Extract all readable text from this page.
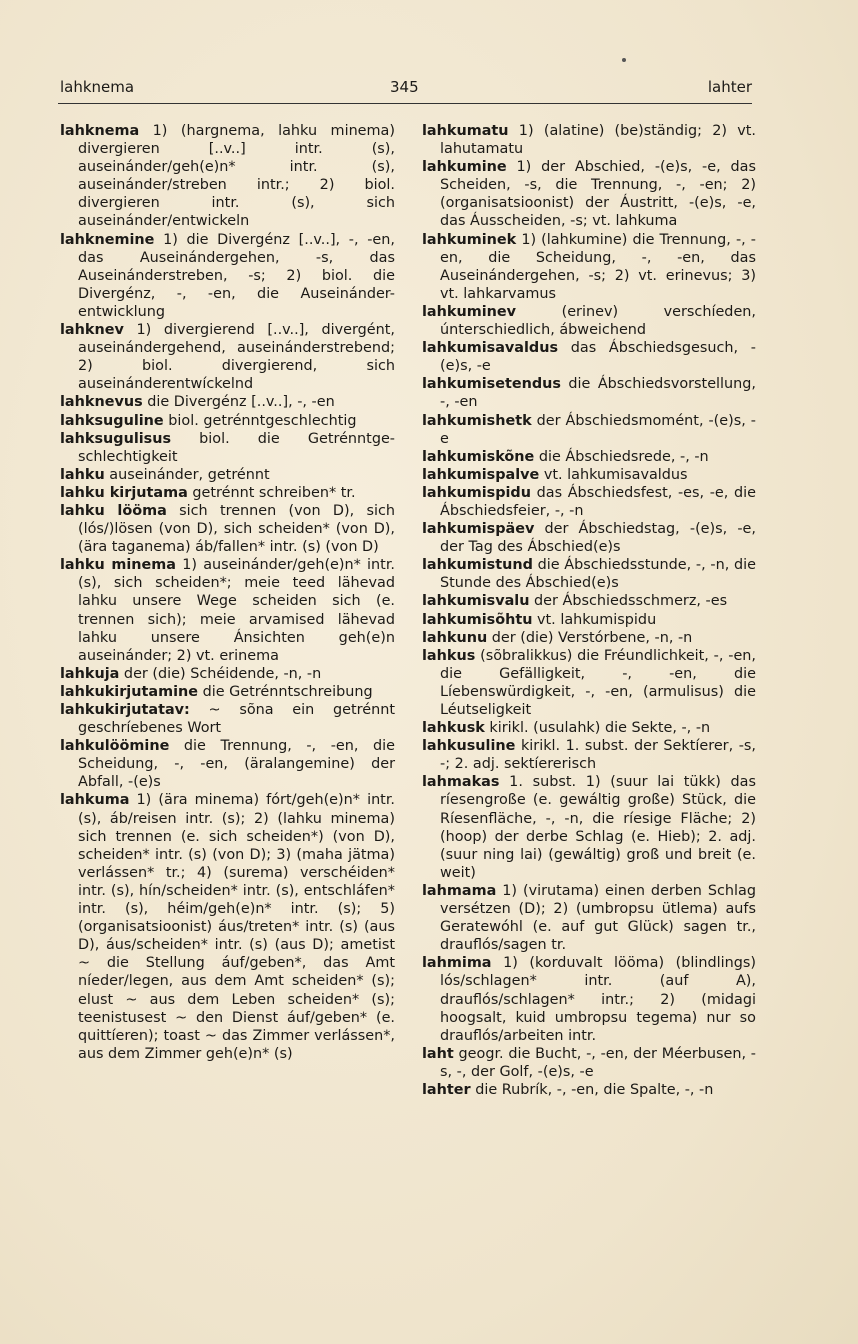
lahknema	345	lahter
lahknema 1) (hargnema, lahku minema) divergieren [..v..] intr. (s), auseinánder/geh(e)n* intr. (s), auseinánder/streben intr.; 2) biol. divergieren intr. (s), sich auseinánder/entwickeln
lahknemine 1) die Divergénz [..v..], -, -en, das Auseinándergehen, -s, das Auseinánderstreben, -s; 2) biol. die Divergénz, -, -en, die Auseinánder-entwicklung
lahknev 1) divergierend [..v..], divergént, auseinándergehend, auseinánderstrebend; 2) biol. divergierend, sich auseinánderentwíckelnd
lahknevus die Divergénz [..v..], -, -en
lahksuguline biol. getrénntgeschlechtig
lahksugulisus biol. die Getrénntge-schlechtigkeit
lahku auseinánder, getrénnt
lahku kirjutama getrénnt schreiben* tr.
lahku lööma sich trennen (von D), sich (lós/)lösen (von D), sich scheiden* (von D), (ära taganema) áb/fallen* intr. (s) (von D)
lahku minema 1) auseinánder/geh(e)n* intr. (s), sich scheiden*; meie teed lähevad lahku unsere Wege scheiden sich (e. trennen sich); meie arvamised lähevad lahku unsere Ánsichten geh(e)n auseinánder; 2) vt. erinema
lahkuja der (die) Schéidende, -n, -n
lahkukirjutamine die Getrénntschreibung
lahkukirjutatav: ~ sõna ein getrénnt geschríebenes Wort
lahkulöömine die Trennung, -, -en, die Scheidung, -, -en, (äralangemine) der Abfall, -(e)s
lahkuma 1) (ära minema) fórt/geh(e)n* intr. (s), áb/reisen intr. (s); 2) (lahku minema) sich trennen (e. sich scheiden*) (von D), scheiden* intr. (s) (von D); 3) (maha jätma) verlássen* tr.; 4) (surema) verschéiden* intr. (s), hín/scheiden* intr. (s), entschláfen* intr. (s), héim/geh(e)n* intr. (s); 5) (organisatsioonist) áus/treten* intr. (s) (aus D), áus/scheiden* intr. (s) (aus D); ametist ~ die Stellung áuf/geben*, das Amt níeder/legen, aus dem Amt scheiden* (s); elust ~ aus dem Leben scheiden* (s); teenistusest ~ den Dienst áuf/geben* (e. quittíeren); toast ~ das Zimmer verlássen*, aus dem Zimmer geh(e)n* (s)
lahkumatu 1) (alatine) (be)ständig; 2) vt. lahutamatu
lahkumine 1) der Abschied, -(e)s, -e, das Scheiden, -s, die Trennung, -, -en; 2) (organisatsioonist) der Áustritt, -(e)s, -e, das Áusscheiden, -s; vt. lahkuma
lahkuminek 1) (lahkumine) die Trennung, -, -en, die Scheidung, -, -en, das Auseinándergehen, -s; 2) vt. erinevus; 3) vt. lahkarvamus
lahkuminev (erinev) verschíeden, únterschiedlich, ábweichend
lahkumisavaldus das Ábschiedsgesuch, -(e)s, -e
lahkumisetendus die Ábschiedsvorstellung, -, -en
lahkumishetk der Ábschiedsmomént, -(e)s, -e
lahkumiskõne die Ábschiedsrede, -, -n
lahkumispalve vt. lahkumisavaldus
lahkumispidu das Ábschiedsfest, -es, -e, die Ábschiedsfeier, -, -n
lahkumispäev der Ábschiedstag, -(e)s, -e, der Tag des Ábschied(e)s
lahkumistund die Ábschiedsstunde, -, -n, die Stunde des Ábschied(e)s
lahkumisvalu der Ábschiedsschmerz, -es
lahkumisõhtu vt. lahkumispidu
lahkunu der (die) Verstórbene, -n, -n
lahkus (sõbralikkus) die Fréundlichkeit, -, -en, die Gefälligkeit, -, -en, die Líebenswürdigkeit, -, -en, (armulisus) die Léutseligkeit
lahkusk kirikl. (usulahk) die Sekte, -, -n
lahkusuline kirikl. 1. subst. der Sektíerer, -s, -; 2. adj. sektíererisch
lahmakas 1. subst. 1) (suur lai tükk) das ríesengroße (e. gewáltig große) Stück, die Ríesenfläche, -, -n, die ríesige Fläche; 2) (hoop) der derbe Schlag (e. Hieb); 2. adj. (suur ning lai) (gewáltig) groß und breit (e. weit)
lahmama 1) (virutama) einen derben Schlag versétzen (D); 2) (umbropsu ütlema) aufs Geratewóhl (e. auf gut Glück) sagen tr., drauflós/sagen tr.
lahmima 1) (korduvalt lööma) (blindlings) lós/schlagen* intr. (auf A), drauflós/schlagen* intr.; 2) (midagi hoogsalt, kuid umbropsu tegema) nur so drauflós/arbeiten intr.
laht geogr. die Bucht, -, -en, der Méerbusen, -s, -, der Golf, -(e)s, -e
lahter die Rubrík, -, -en, die Spalte, -, -n
